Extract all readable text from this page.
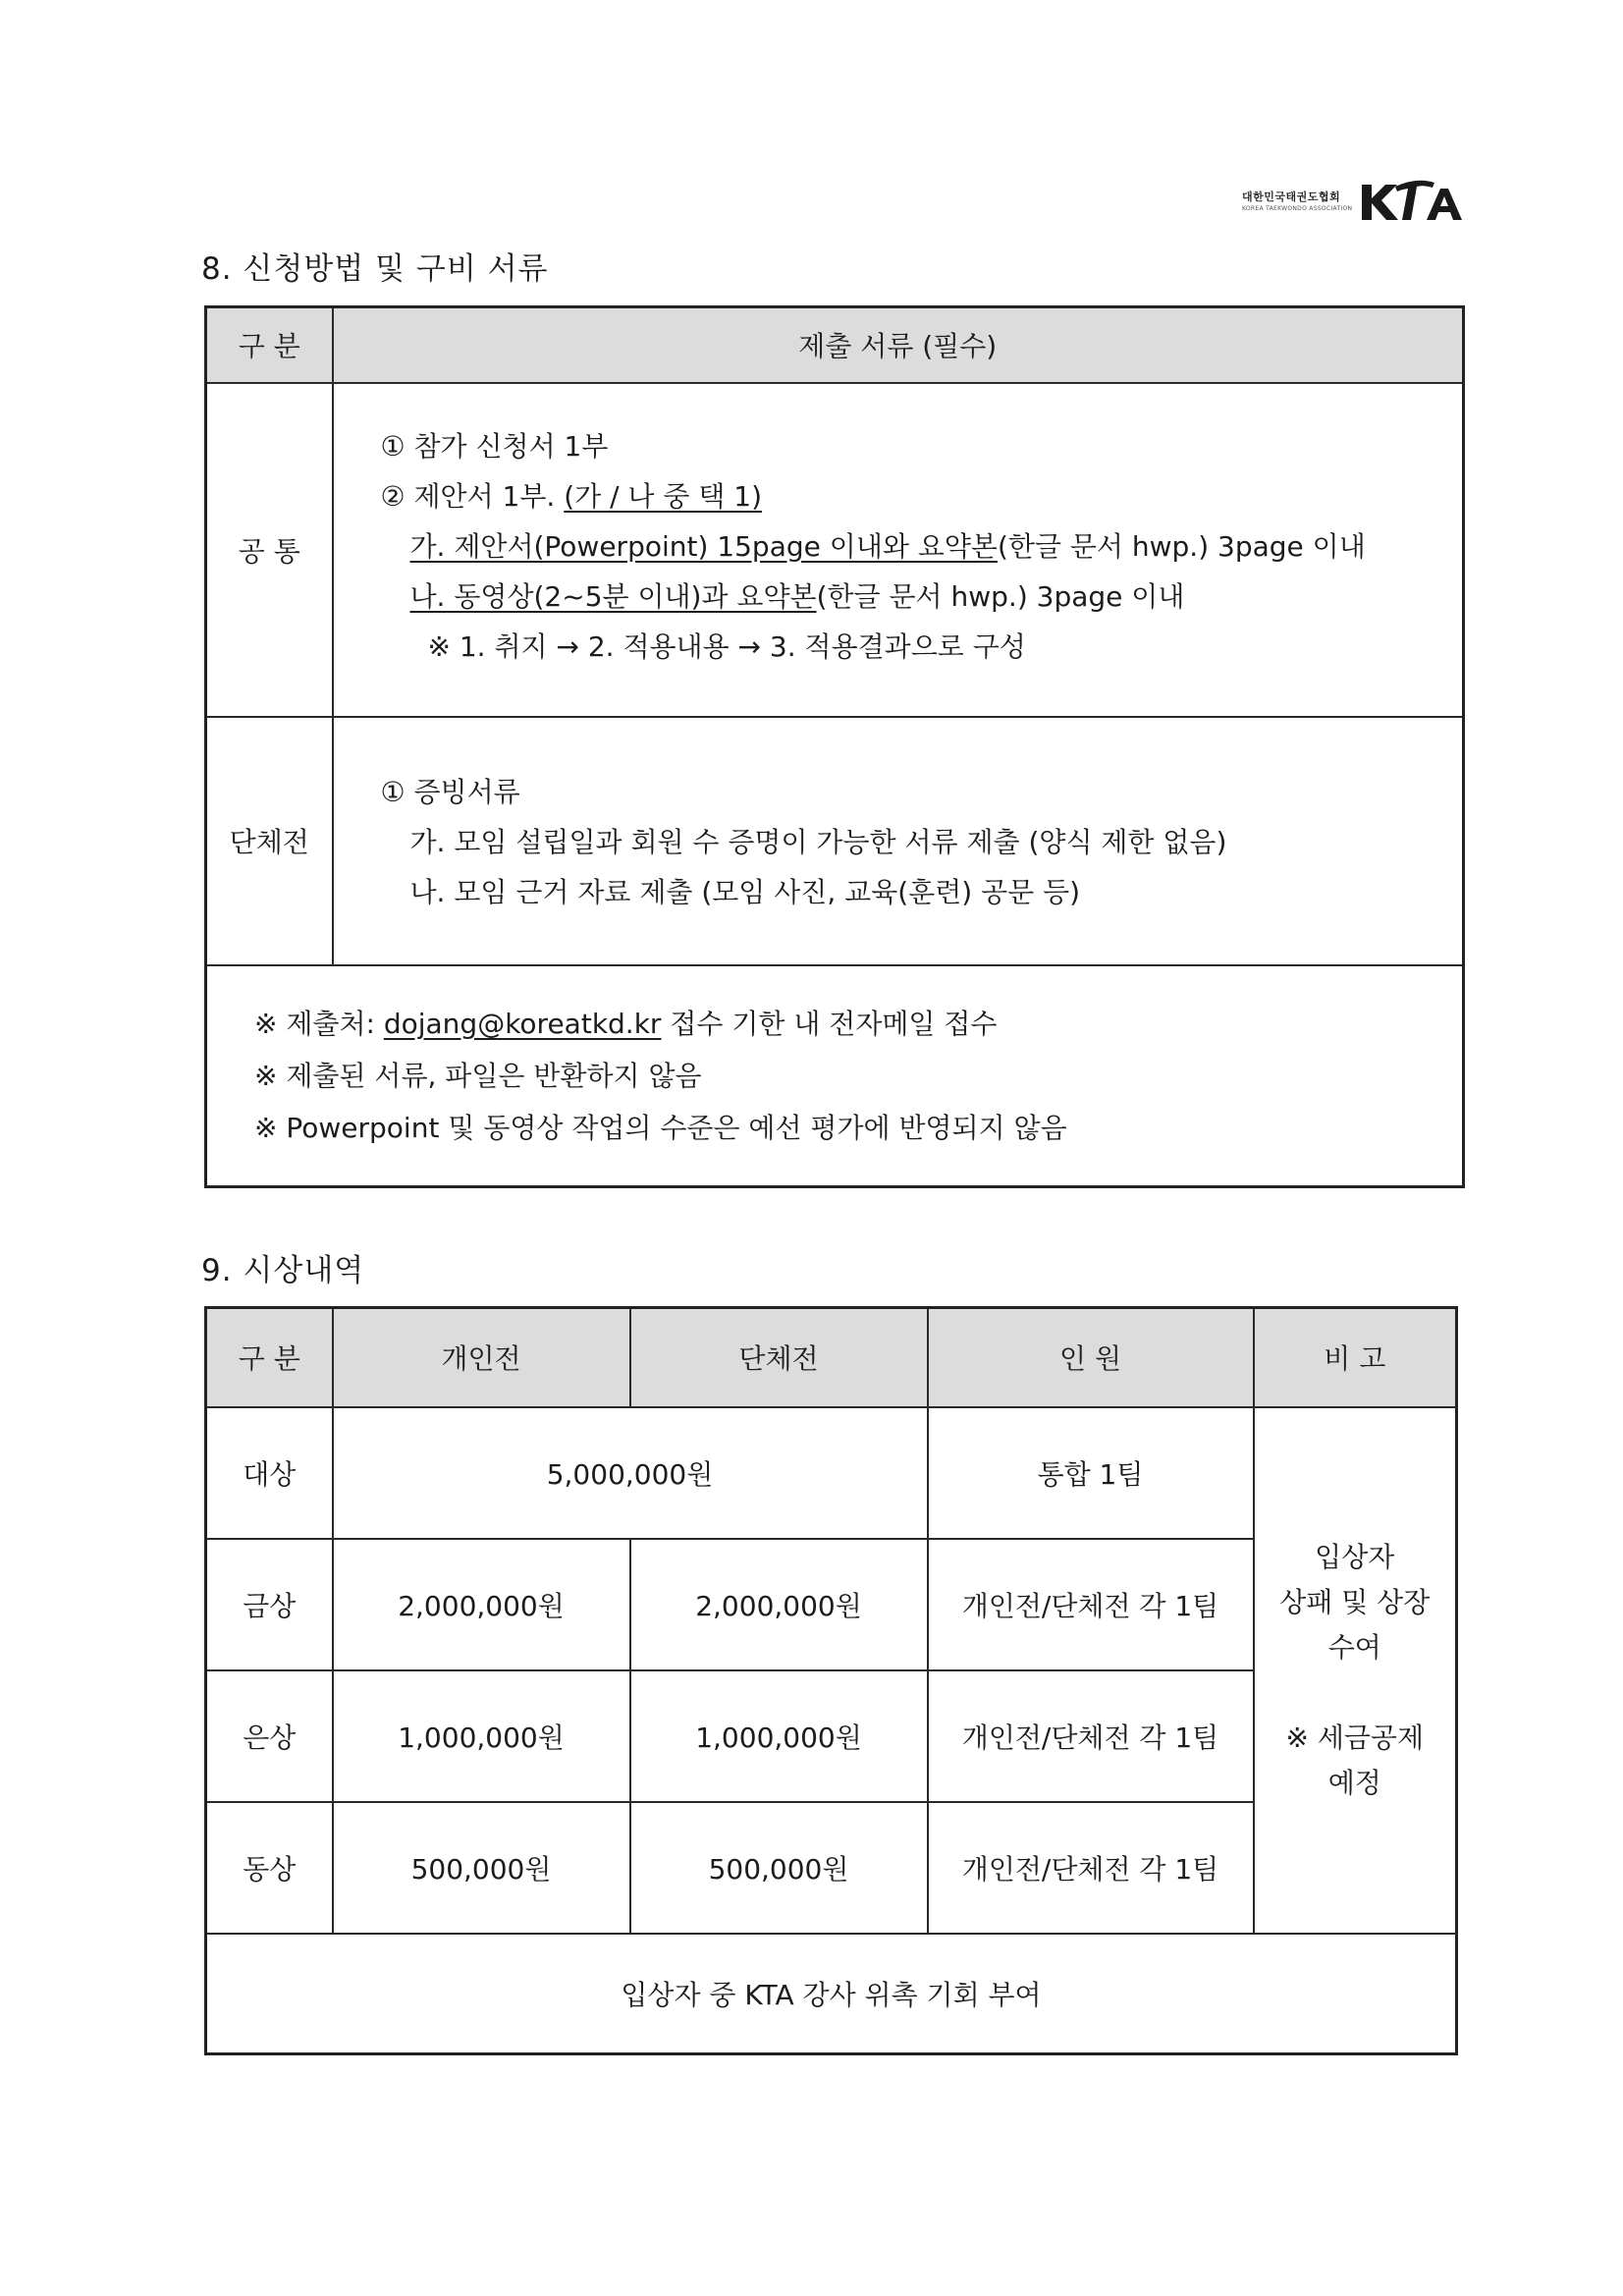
대한민국태권도협회
KOREA TAEKWONDO ASSOCIATION
8. 신청방법 및 구비 서류
구 분	제출 서류 (필수)
공 통	① 참가 신청서 1부
② 제안서 1부. (가 / 나 중 택 1)
가. 제안서(Powerpoint) 15page 이내와 요약본(한글 문서 hwp.) 3page 이내
나. 동영상(2~5분 이내)과 요약본(한글 문서 hwp.) 3page 이내
※ 1. 취지 → 2. 적용내용 → 3. 적용결과으로 구성

단체전	① 증빙서류
가. 모임 설립일과 회원 수 증명이 가능한 서류 제출 (양식 제한 없음)
나. 모임 근거 자료 제출 (모임 사진, 교육(훈련) 공문 등)

※ 제출처: dojang@koreatkd.kr 접수 기한 내 전자메일 접수
※ 제출된 서류, 파일은 반환하지 않음
※ Powerpoint 및 동영상 작업의 수준은 예선 평가에 반영되지 않음	
9. 시상내역
구 분	개인전	단체전	인 원	비 고
대상	5,000,000원		통합 1팀	입상자
상패 및 상장
수여
※ 세금공제
예정

금상	2,000,000원	2,000,000원	개인전/단체전 각 1팀	
은상	1,000,000원	1,000,000원	개인전/단체전 각 1팀	
동상	500,000원	500,000원	개인전/단체전 각 1팀	
입상자 중 KTA 강사 위촉 기회 부여				
